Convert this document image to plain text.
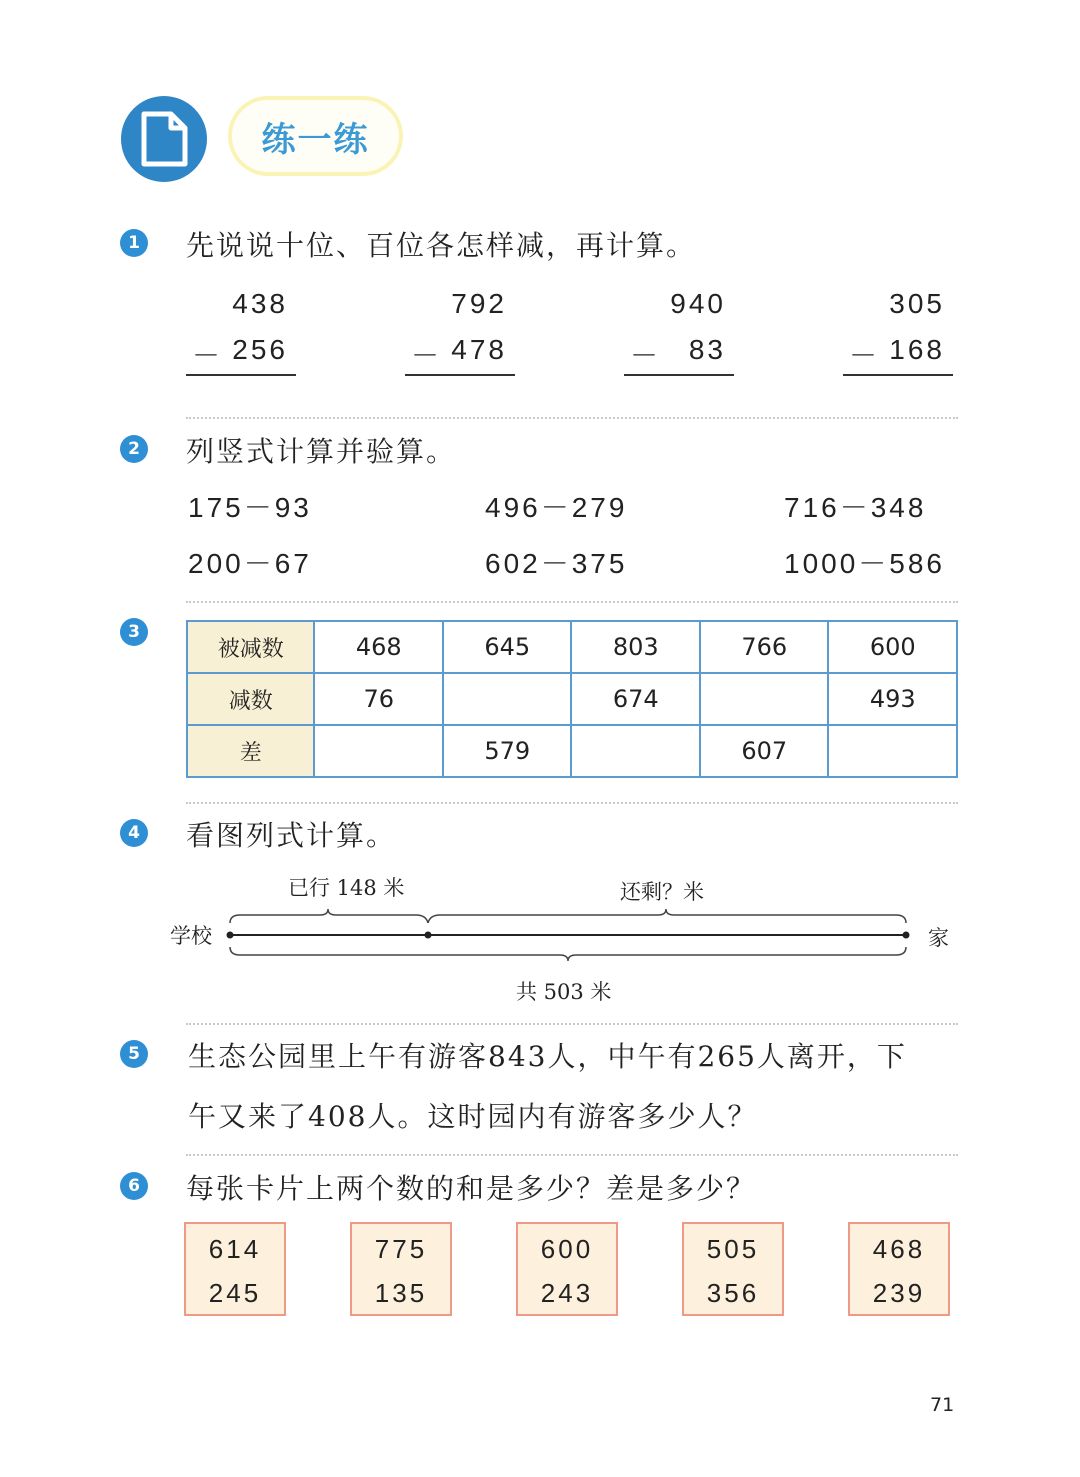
练一练
1 先说说十位、百位各怎样减，再计算。
438
－ 256
792
－ 478
940
－ 83
305
－ 168
2 列竖式计算并验算。
175－93	496－279	716－348
200－67	602－375	1000－586
3
被减数	468	645	803	766	600
减数	76		674		493
差		579		607	
4 看图列式计算。
已行 148 米	还剩？米
学校	家
共 503 米
5 生态公园里上午有游客843人，中午有265人离开，下
午又来了408人。这时园内有游客多少人？
6 每张卡片上两个数的和是多少？差是多少？
614
245
775
135
600
243
505
356
468
239
71
